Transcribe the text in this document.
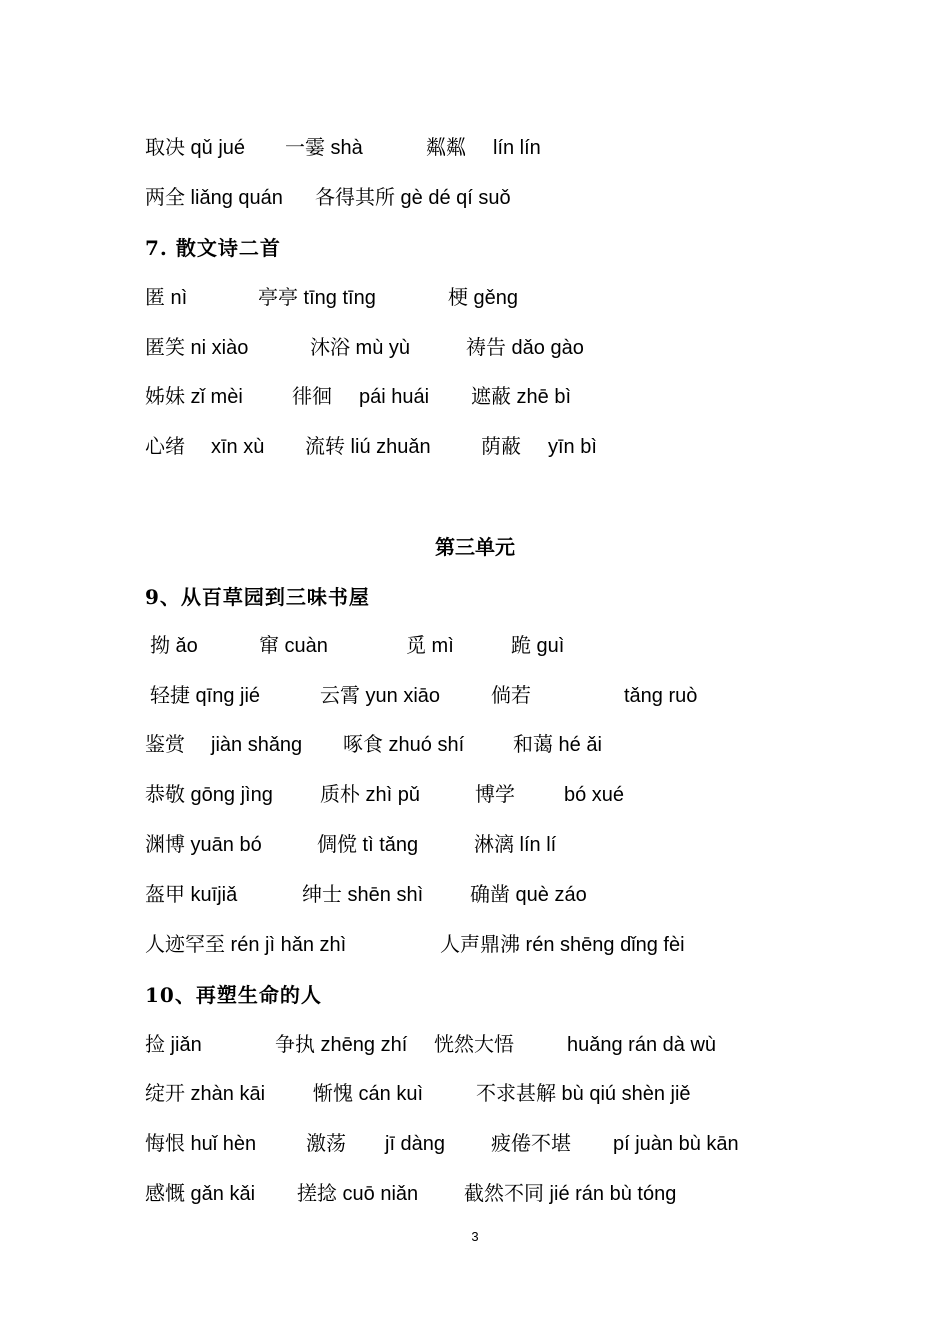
取决 qǔ jué 一霎 shà	粼粼 lín lín
两全 liǎng quán 各得其所 gè dé qí suǒ
7. 散文诗二首
匿 nì	亭亭 tīng tīng	梗 gěng
匿笑 ni xiào	沐浴 mù yù	祷告 dǎo gào
姊妹 zǐ mèi 徘徊 pái huái 遮蔽 zhē bì
心绪 xīn xù 流转 liú zhuǎn	荫蔽 yīn bì
第三单元
9、从百草园到三味书屋
拗 ǎo	窜 cuàn	觅 mì	跪 guì
轻捷 qīng jié	云霄 yun xiāo	倘若	tǎng ruò
鉴赏 jiàn shǎng 啄食 zhuó shí 和蔼 hé ǎi
恭敬 gōng jìng 质朴 zhì pǔ	博学 bó xué
渊博 yuān bó	倜傥 tì tǎng	淋漓 lín lí
盔甲 kuījiǎ	绅士 shēn shì 确凿 què záo
人迹罕至 rén jì hǎn zhì	人声鼎沸 rén shēng dǐng fèi
10、再塑生命的人
捡 jiǎn	争执 zhēng zhí 恍然大悟	huǎng rán dà wù
绽开 zhàn kāi 惭愧 cán kuì	不求甚解 bù qiú shèn jiě
悔恨 huǐ hèn 激荡 jī dàng 疲倦不堪 pí juàn bù kān
感慨 gǎn kǎi 搓捻 cuō niǎn 截然不同 jié rán bù tóng
3
